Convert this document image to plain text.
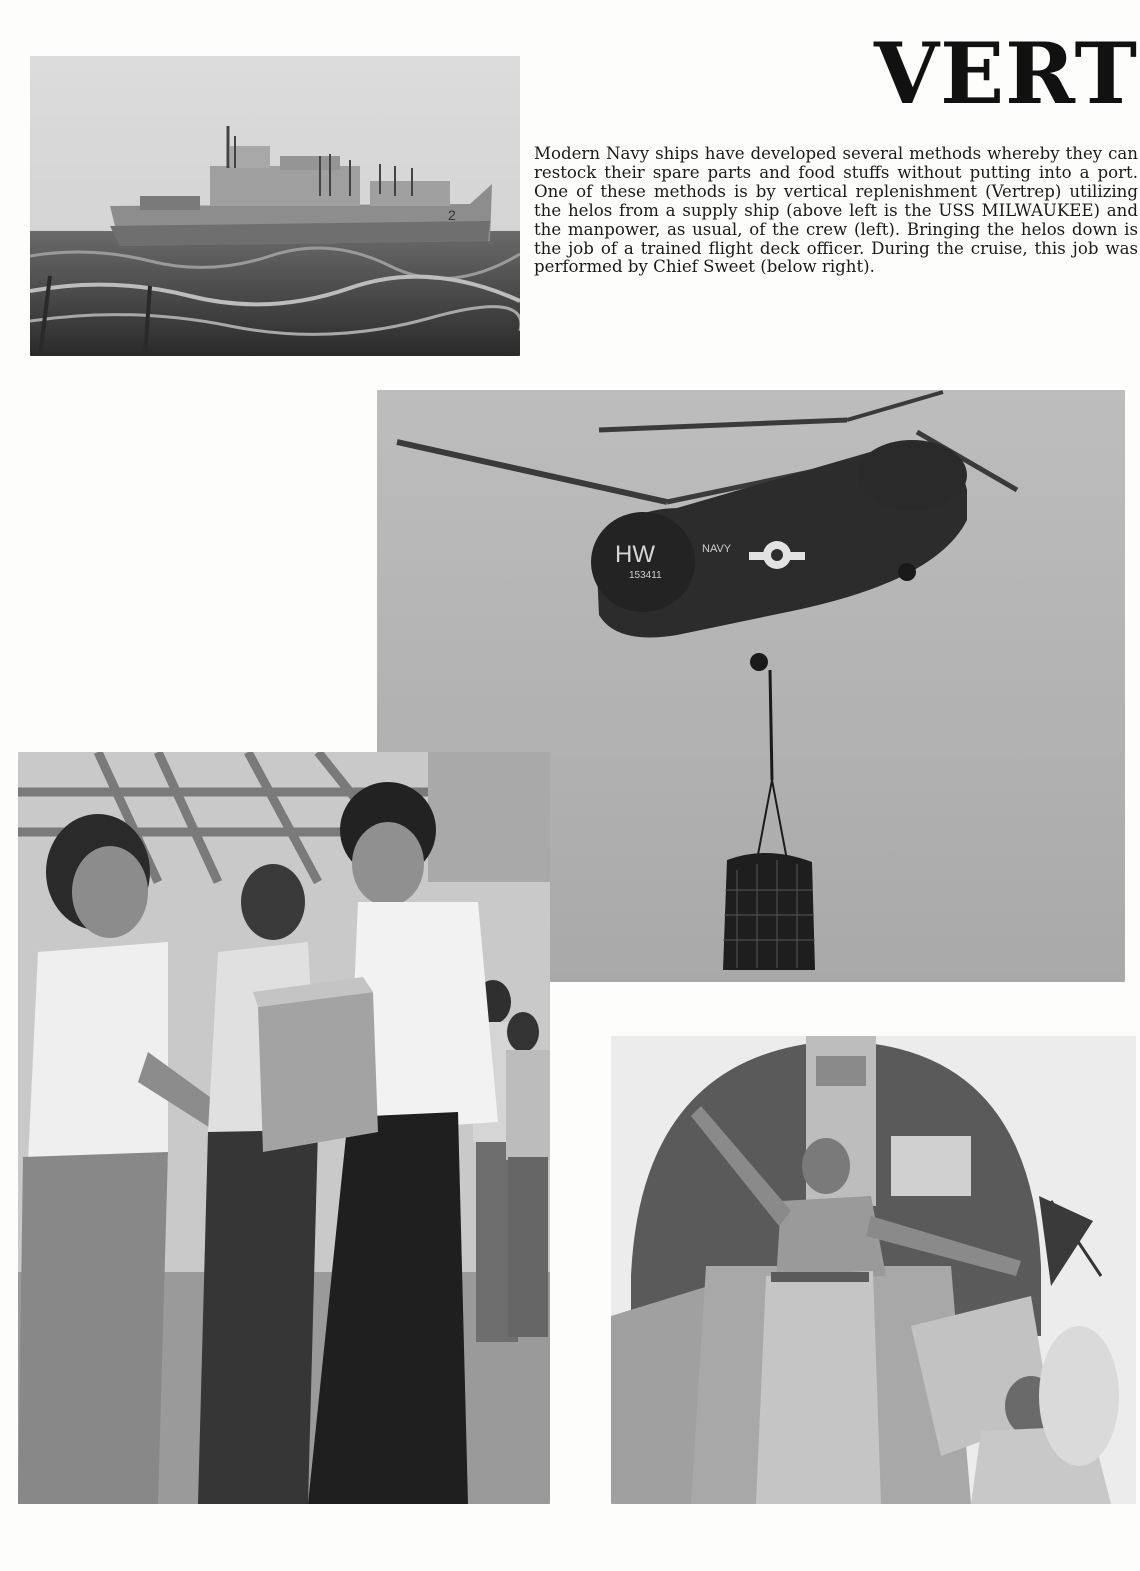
2
VERT

Modern Navy ships have developed several methods whereby they can restock their spare parts and food stuffs without putting into a port. One of these methods is by vertical replenishment (Vertrep) utilizing the helos from a supply ship (above left is the USS MILWAUKEE) and the manpower, as usual, of the crew (left). Bringing the helos down is the job of a trained flight deck officer. During the cruise, this job was performed by Chief Sweet (below right).

HW
153411
NAVY
